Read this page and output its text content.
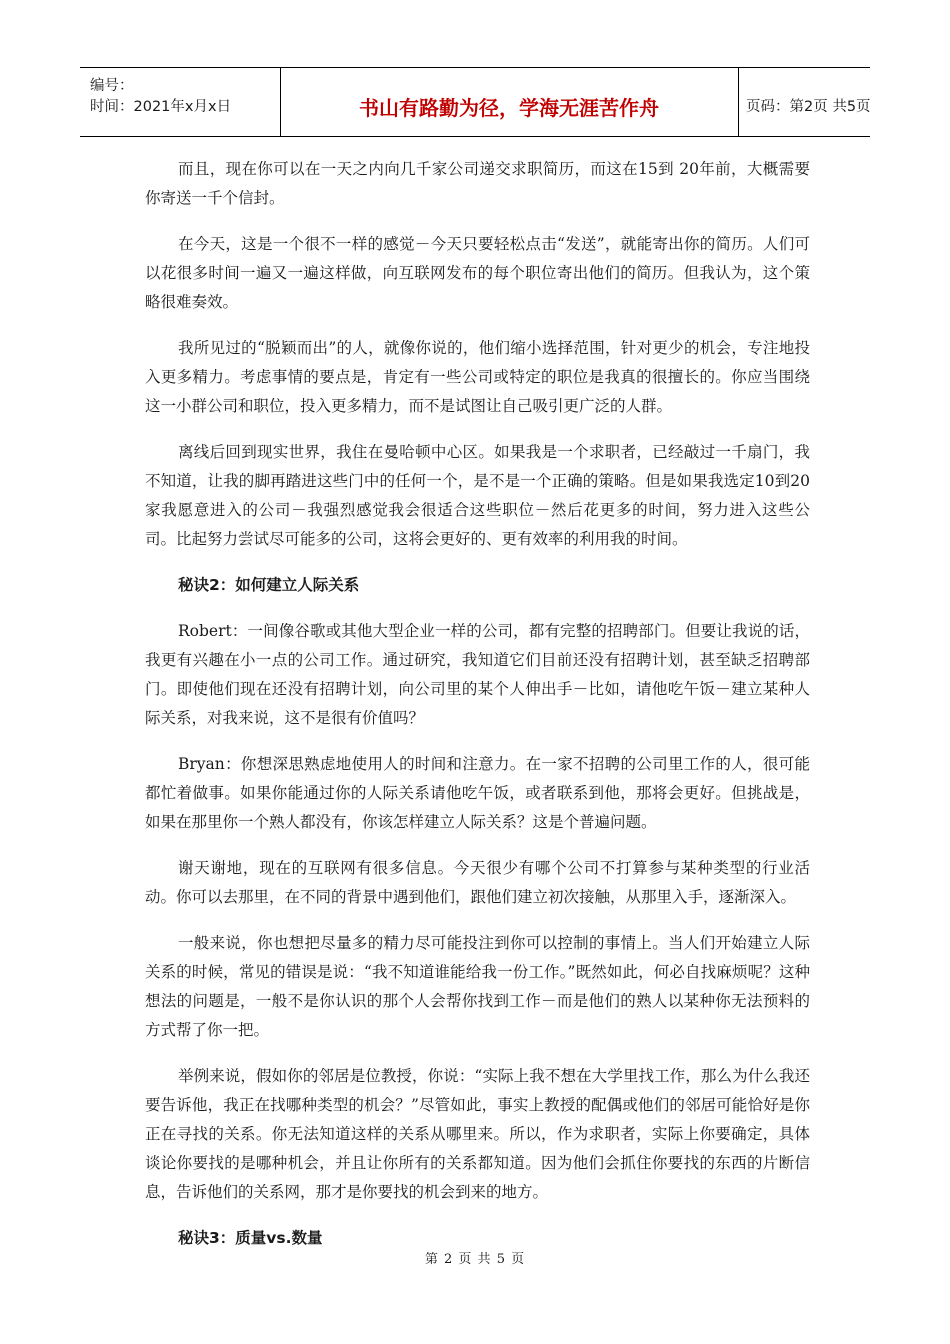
编号：
时间：2021年x月x日	书山有路勤为径，学海无涯苦作舟	页码：第2页 共5页

而且，现在你可以在一天之内向几千家公司递交求职简历，而这在15到 20年前，大概需要你寄送一千个信封。

在今天，这是一个很不一样的感觉－今天只要轻松点击“发送”，就能寄出你的简历。人们可以花很多时间一遍又一遍这样做，向互联网发布的每个职位寄出他们的简历。但我认为，这个策略很难奏效。

我所见过的“脱颖而出”的人，就像你说的，他们缩小选择范围，针对更少的机会，专注地投入更多精力。考虑事情的要点是，肯定有一些公司或特定的职位是我真的很擅长的。你应当围绕这一小群公司和职位，投入更多精力，而不是试图让自己吸引更广泛的人群。

离线后回到现实世界，我住在曼哈顿中心区。如果我是一个求职者，已经敲过一千扇门，我不知道，让我的脚再踏进这些门中的任何一个，是不是一个正确的策略。但是如果我选定10到20家我愿意进入的公司－我强烈感觉我会很适合这些职位－然后花更多的时间，努力进入这些公司。比起努力尝试尽可能多的公司，这将会更好的、更有效率的利用我的时间。

秘诀2：如何建立人际关系

Robert：一间像谷歌或其他大型企业一样的公司，都有完整的招聘部门。但要让我说的话，我更有兴趣在小一点的公司工作。通过研究，我知道它们目前还没有招聘计划，甚至缺乏招聘部门。即使他们现在还没有招聘计划，向公司里的某个人伸出手－比如，请他吃午饭－建立某种人际关系，对我来说，这不是很有价值吗？

Bryan：你想深思熟虑地使用人的时间和注意力。在一家不招聘的公司里工作的人，很可能都忙着做事。如果你能通过你的人际关系请他吃午饭，或者联系到他，那将会更好。但挑战是，如果在那里你一个熟人都没有，你该怎样建立人际关系？这是个普遍问题。

谢天谢地，现在的互联网有很多信息。今天很少有哪个公司不打算参与某种类型的行业活动。你可以去那里，在不同的背景中遇到他们，跟他们建立初次接触，从那里入手，逐渐深入。

一般来说，你也想把尽量多的精力尽可能投注到你可以控制的事情上。当人们开始建立人际关系的时候，常见的错误是说：“我不知道谁能给我一份工作。”既然如此，何必自找麻烦呢？这种想法的问题是，一般不是你认识的那个人会帮你找到工作－而是他们的熟人以某种你无法预料的方式帮了你一把。

举例来说，假如你的邻居是位教授，你说：“实际上我不想在大学里找工作，那么为什么我还要告诉他，我正在找哪种类型的机会？”尽管如此，事实上教授的配偶或他们的邻居可能恰好是你正在寻找的关系。你无法知道这样的关系从哪里来。所以，作为求职者，实际上你要确定，具体谈论你要找的是哪种机会，并且让你所有的关系都知道。因为他们会抓住你要找的东西的片断信息，告诉他们的关系网，那才是你要找的机会到来的地方。

秘诀3：质量vs.数量

第 2 页 共 5 页
